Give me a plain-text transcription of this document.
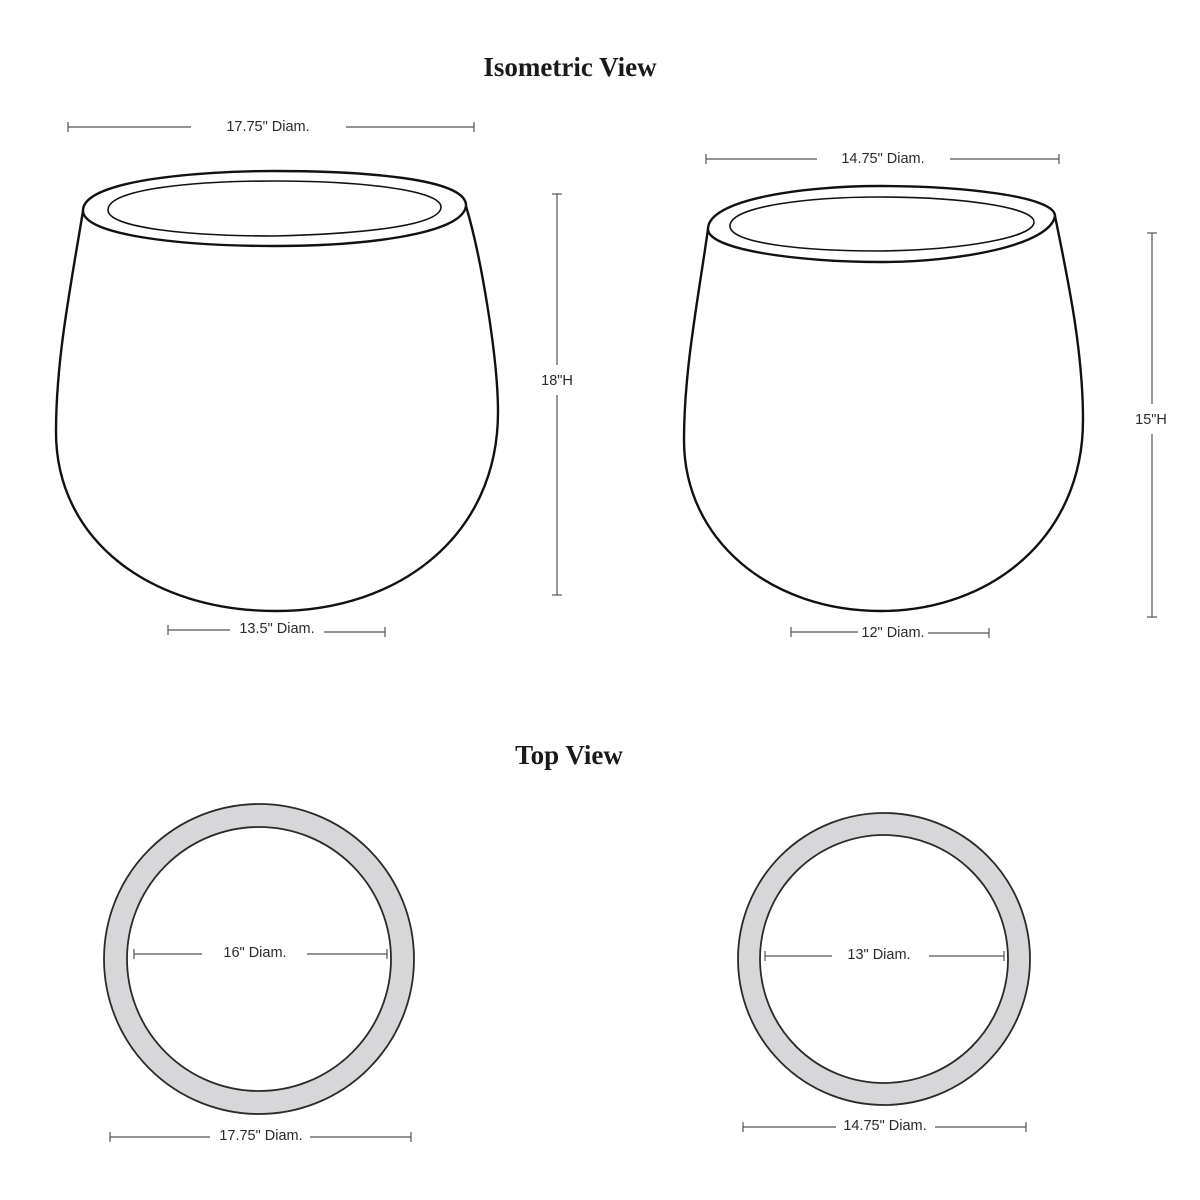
Isometric View
Top View
17.75" Diam.
18"H
13.5" Diam.
14.75" Diam.
15"H
12" Diam.
16" Diam.
17.75" Diam.
13" Diam.
14.75" Diam.
